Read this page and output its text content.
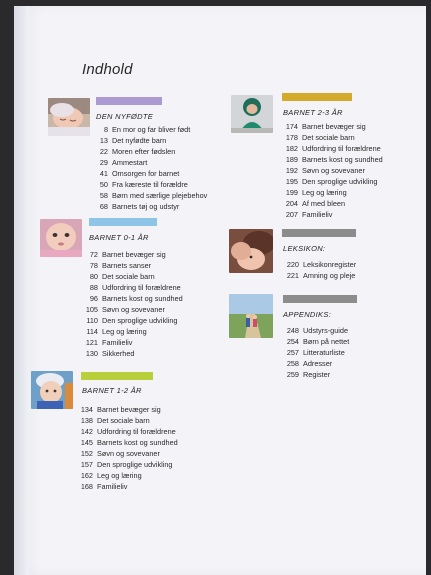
Indhold
DEN NYFØDTE
8 En mor og far bliver født
13 Det nyfødte barn
22 Moren efter fødslen
29 Ammestart
41 Omsorgen for barnet
50 Fra kæreste til forældre
58 Børn med særlige plejebehov
68 Barnets tøj og udstyr
BARNET 0-1 ÅR
72 Barnet bevæger sig
78 Barnets sanser
80 Det sociale barn
88 Udfordring til forældrene
96 Barnets kost og sundhed
105 Søvn og sovevaner
110 Den sproglige udvikling
114 Leg og læring
121 Familieliv
130 Sikkerhed
BARNET 1-2 ÅR
134 Barnet bevæger sig
138 Det sociale barn
142 Udfordring til forældrene
145 Barnets kost og sundhed
152 Søvn og sovevaner
157 Den sproglige udvikling
162 Leg og læring
168 Familieliv
BARNET 2-3 ÅR
174 Barnet bevæger sig
178 Det sociale barn
182 Udfordring til forældrene
189 Barnets kost og sundhed
192 Søvn og sovevaner
195 Den sproglige udvikling
199 Leg og læring
204 Af med bleen
207 Familieliv
LEKSIKON:
220 Leksikonregister
221 Amning og pleje
APPENDIKS:
248 Udstyrs-guide
254 Børn på nettet
257 Litteraturliste
258 Adresser
259 Register
